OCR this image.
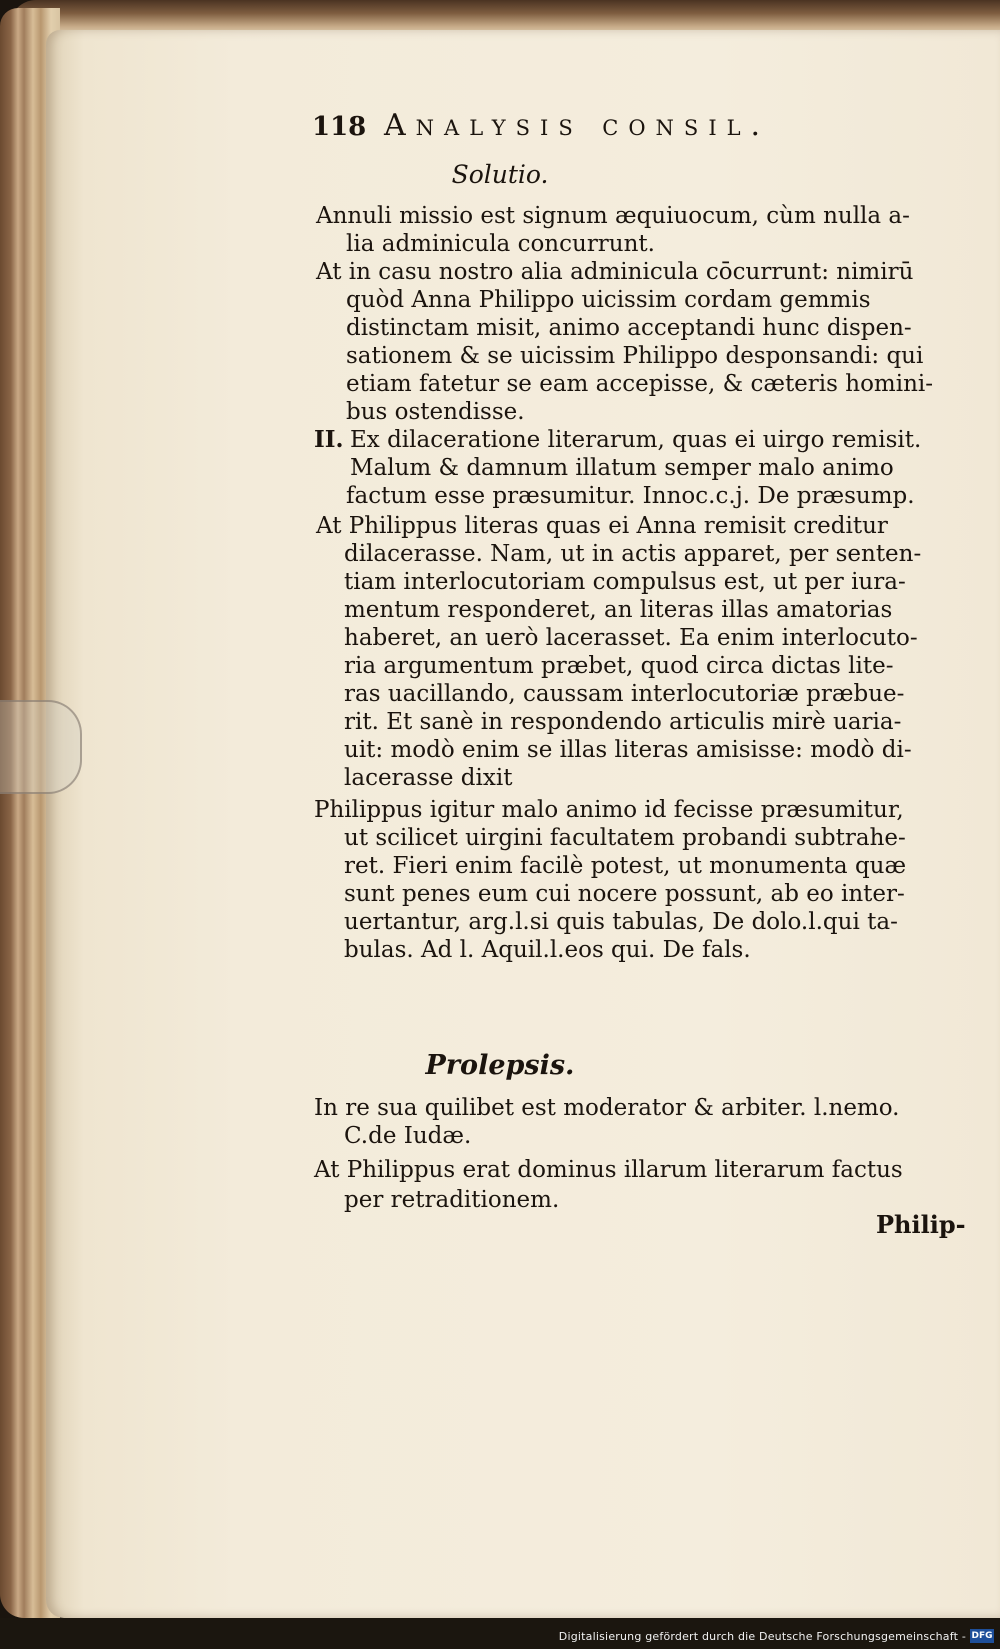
118 Analysis consil.
Solutio.
Annuli missio est signum æquiuocum, cùm nulla a-
lia adminicula concurrunt.
At in casu nostro alia adminicula cōcurrunt: nimirū
quòd Anna Philippo uicissim cordam gemmis
distinctam misit, animo acceptandi hunc dispen-
sationem & se uicissim Philippo desponsandi: qui
etiam fatetur se eam accepisse, & cæteris homini-
bus ostendisse.
II. Ex dilaceratione literarum, quas ei uirgo remisit.
Malum & damnum illatum semper malo animo
factum esse præsumitur. Innoc.c.j. De præsump.
At Philippus literas quas ei Anna remisit creditur
dilacerasse. Nam, ut in actis apparet, per senten-
tiam interlocutoriam compulsus est, ut per iura-
mentum responderet, an literas illas amatorias
haberet, an uerò lacerasset. Ea enim interlocuto-
ria argumentum præbet, quod circa dictas lite-
ras uacillando, caussam interlocutoriæ præbue-
rit. Et sanè in respondendo articulis mirè uaria-
uit: modò enim se illas literas amisisse: modò di-
lacerasse dixit
Philippus igitur malo animo id fecisse præsumitur,
ut scilicet uirgini facultatem probandi subtrahe-
ret. Fieri enim facilè potest, ut monumenta quæ
sunt penes eum cui nocere possunt, ab eo inter-
uertantur, arg.l.si quis tabulas, De dolo.l.qui ta-
bulas. Ad l. Aquil.l.eos qui. De fals.
Prolepsis.
In re sua quilibet est moderator & arbiter. l.nemo.
C.de Iudæ.
At Philippus erat dominus illarum literarum factus
per retraditionem.
Philip-
Digitalisierung gefördert durch die Deutsche Forschungsgemeinschaft - DFG
